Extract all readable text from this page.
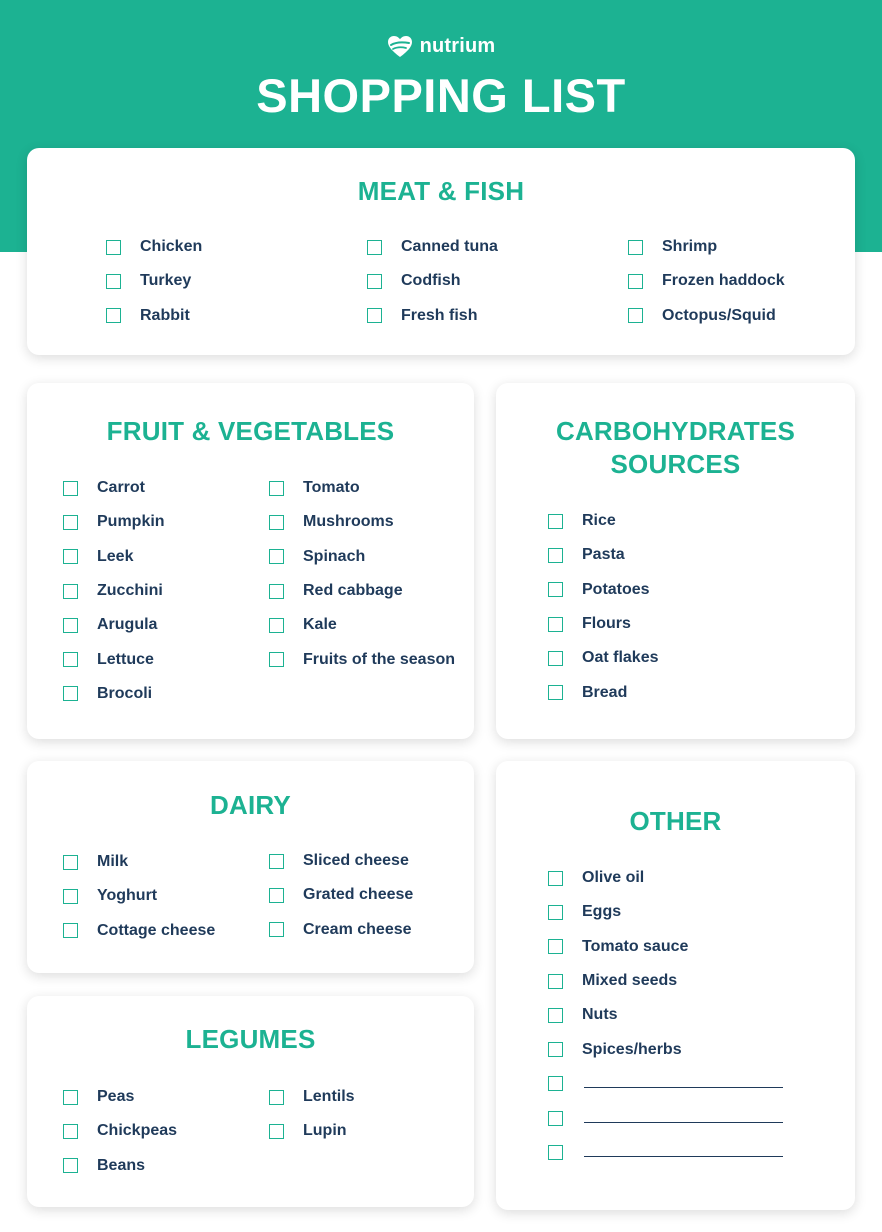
nutrium
SHOPPING LIST
MEAT & FISH
Chicken
Turkey
Rabbit
Canned tuna
Codfish
Fresh fish
Shrimp
Frozen haddock
Octopus/Squid
FRUIT & VEGETABLES
Carrot
Pumpkin
Leek
Zucchini
Arugula
Lettuce
Brocoli
Tomato
Mushrooms
Spinach
Red cabbage
Kale
Fruits of the season
CARBOHYDRATES
SOURCES
Rice
Pasta
Potatoes
Flours
Oat flakes
Bread
DAIRY
Milk
Yoghurt
Cottage cheese
Sliced cheese
Grated cheese
Cream cheese
LEGUMES
Peas
Chickpeas
Beans
Lentils
Lupin
OTHER
Olive oil
Eggs
Tomato sauce
Mixed seeds
Nuts
Spices/herbs
